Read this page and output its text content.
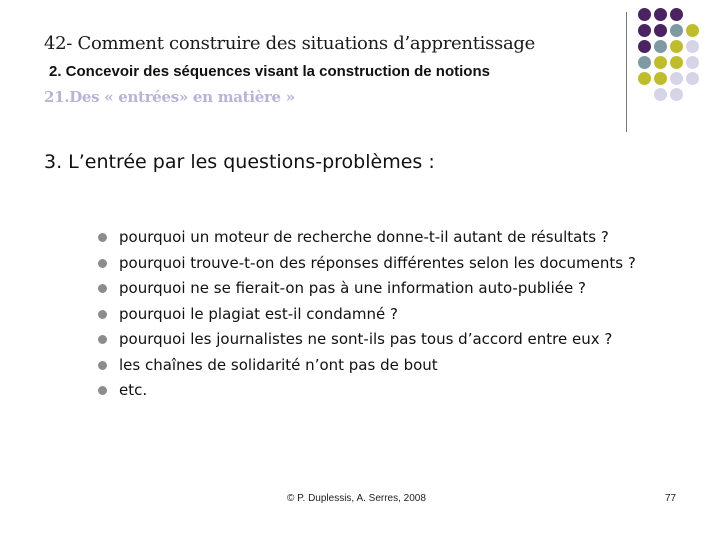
42- Comment construire des situations d’apprentissage
2. Concevoir des séquences visant la construction de notions
21.Des « entrées» en matière »
3. L’entrée par les questions-problèmes :
pourquoi un moteur de recherche donne-t-il autant de résultats ?
pourquoi trouve-t-on des réponses différentes selon les documents ?
pourquoi ne se fierait-on pas à une information auto-publiée ?
pourquoi le plagiat est-il condamné ?
pourquoi les journalistes ne sont-ils pas tous d’accord entre eux ?
les chaînes de solidarité n’ont pas de bout
etc.
© P. Duplessis, A. Serres, 2008	77
